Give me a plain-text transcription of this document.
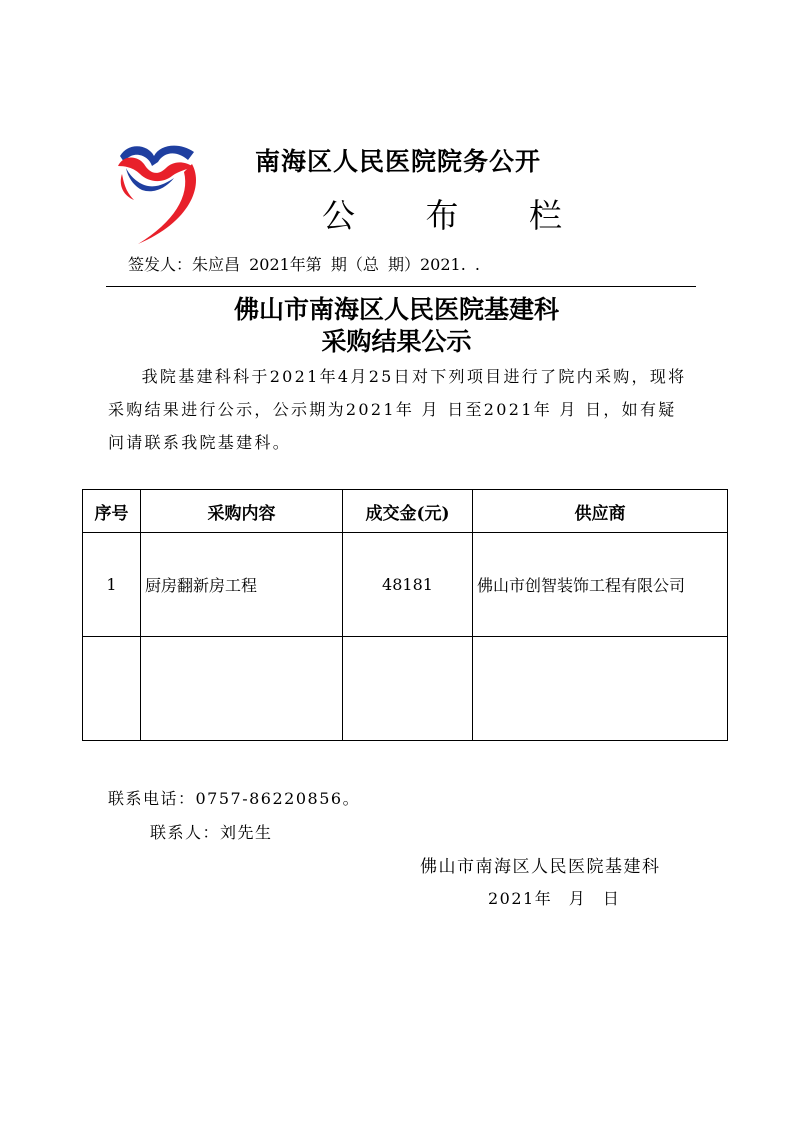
南海区人民医院院务公开
公 布 栏
签发人：朱应昌 2021年第 期（总 期）2021. .
佛山市南海区人民医院基建科
采购结果公示
我院基建科科于2021年4月25日对下列项目进行了院内采购，现将采购结果进行公示，公示期为2021年 月 日至2021年 月 日，如有疑问请联系我院基建科。
序号	采购内容	成交金(元)	供应商
1	厨房翻新房工程	48181	佛山市创智装饰工程有限公司

联系电话：0757-86220856。
联系人：刘先生
佛山市南海区人民医院基建科
2021年 月 日
